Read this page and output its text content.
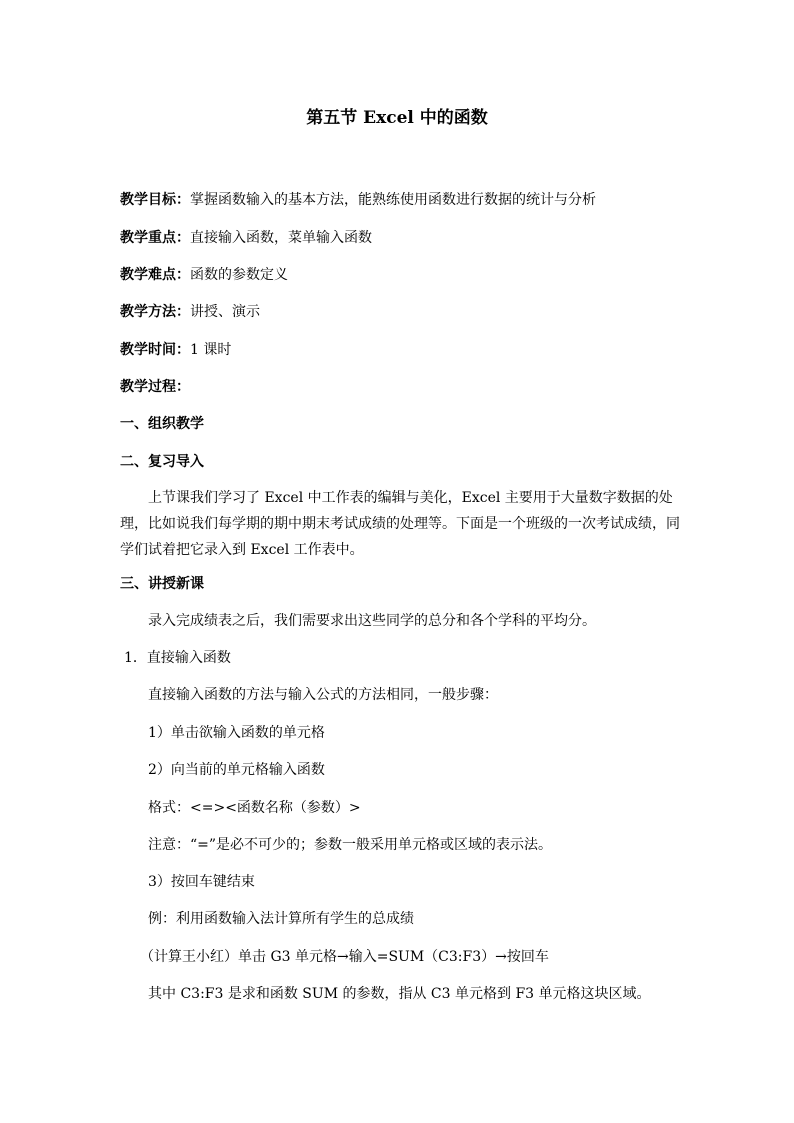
第五节 Excel 中的函数
教学目标：掌握函数输入的基本方法，能熟练使用函数进行数据的统计与分析
教学重点：直接输入函数，菜单输入函数
教学难点：函数的参数定义
教学方法：讲授、演示
教学时间：1 课时
教学过程：
一、组织教学
二、复习导入
上节课我们学习了 Excel 中工作表的编辑与美化，Excel 主要用于大量数字数据的处理，比如说我们每学期的期中期末考试成绩的处理等。下面是一个班级的一次考试成绩，同学们试着把它录入到 Excel 工作表中。
三、讲授新课
录入完成绩表之后，我们需要求出这些同学的总分和各个学科的平均分。
1．直接输入函数
直接输入函数的方法与输入公式的方法相同，一般步骤：
1）单击欲输入函数的单元格
2）向当前的单元格输入函数
格式：<=><函数名称（参数）>
注意：“=”是必不可少的；参数一般采用单元格或区域的表示法。
3）按回车键结束
例：利用函数输入法计算所有学生的总成绩
（计算王小红）单击 G3 单元格→输入=SUM（C3:F3）→按回车
其中 C3:F3 是求和函数 SUM 的参数，指从 C3 单元格到 F3 单元格这块区域。
